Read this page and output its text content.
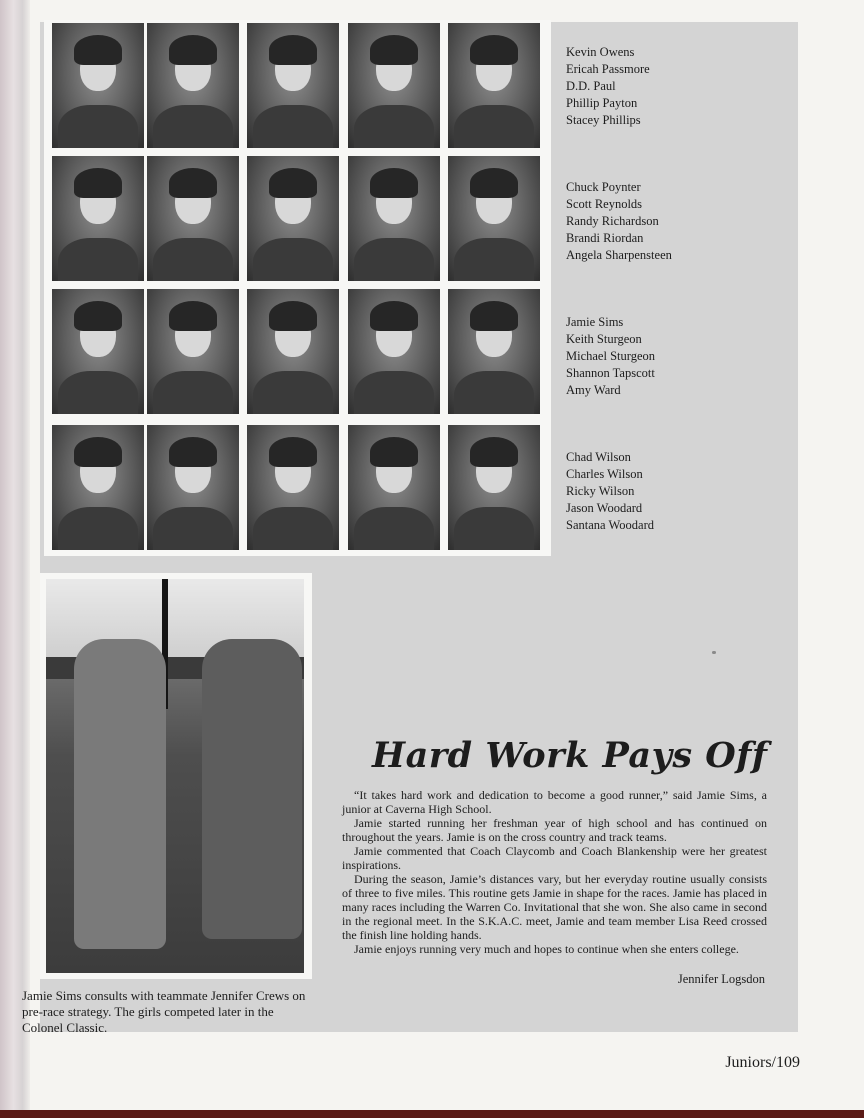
Kevin Owens
Ericah Passmore
D.D. Paul
Phillip Payton
Stacey Phillips
Chuck Poynter
Scott Reynolds
Randy Richardson
Brandi Riordan
Angela Sharpensteen
Jamie Sims
Keith Sturgeon
Michael Sturgeon
Shannon Tapscott
Amy Ward
Chad Wilson
Charles Wilson
Ricky Wilson
Jason Woodard
Santana Woodard
Jamie Sims consults with teammate Jennifer Crews on pre-race strategy. The girls competed later in the Colonel Classic.
Hard Work Pays Off

“It takes hard work and dedication to become a good runner,” said Jamie Sims, a junior at Caverna High School.

Jamie started running her freshman year of high school and has continued on throughout the years. Jamie is on the cross country and track teams.

Jamie commented that Coach Claycomb and Coach Blankenship were her greatest inspirations.

During the season, Jamie’s distances vary, but her everyday routine usually consists of three to five miles. This routine gets Jamie in shape for the races. Jamie has placed in many races including the Warren Co. Invitational that she won. She also came in second in the regional meet. In the S.K.A.C. meet, Jamie and team member Lisa Reed crossed the finish line holding hands.

Jamie enjoys running very much and hopes to continue when she enters college.

Jennifer Logsdon
Juniors/109
